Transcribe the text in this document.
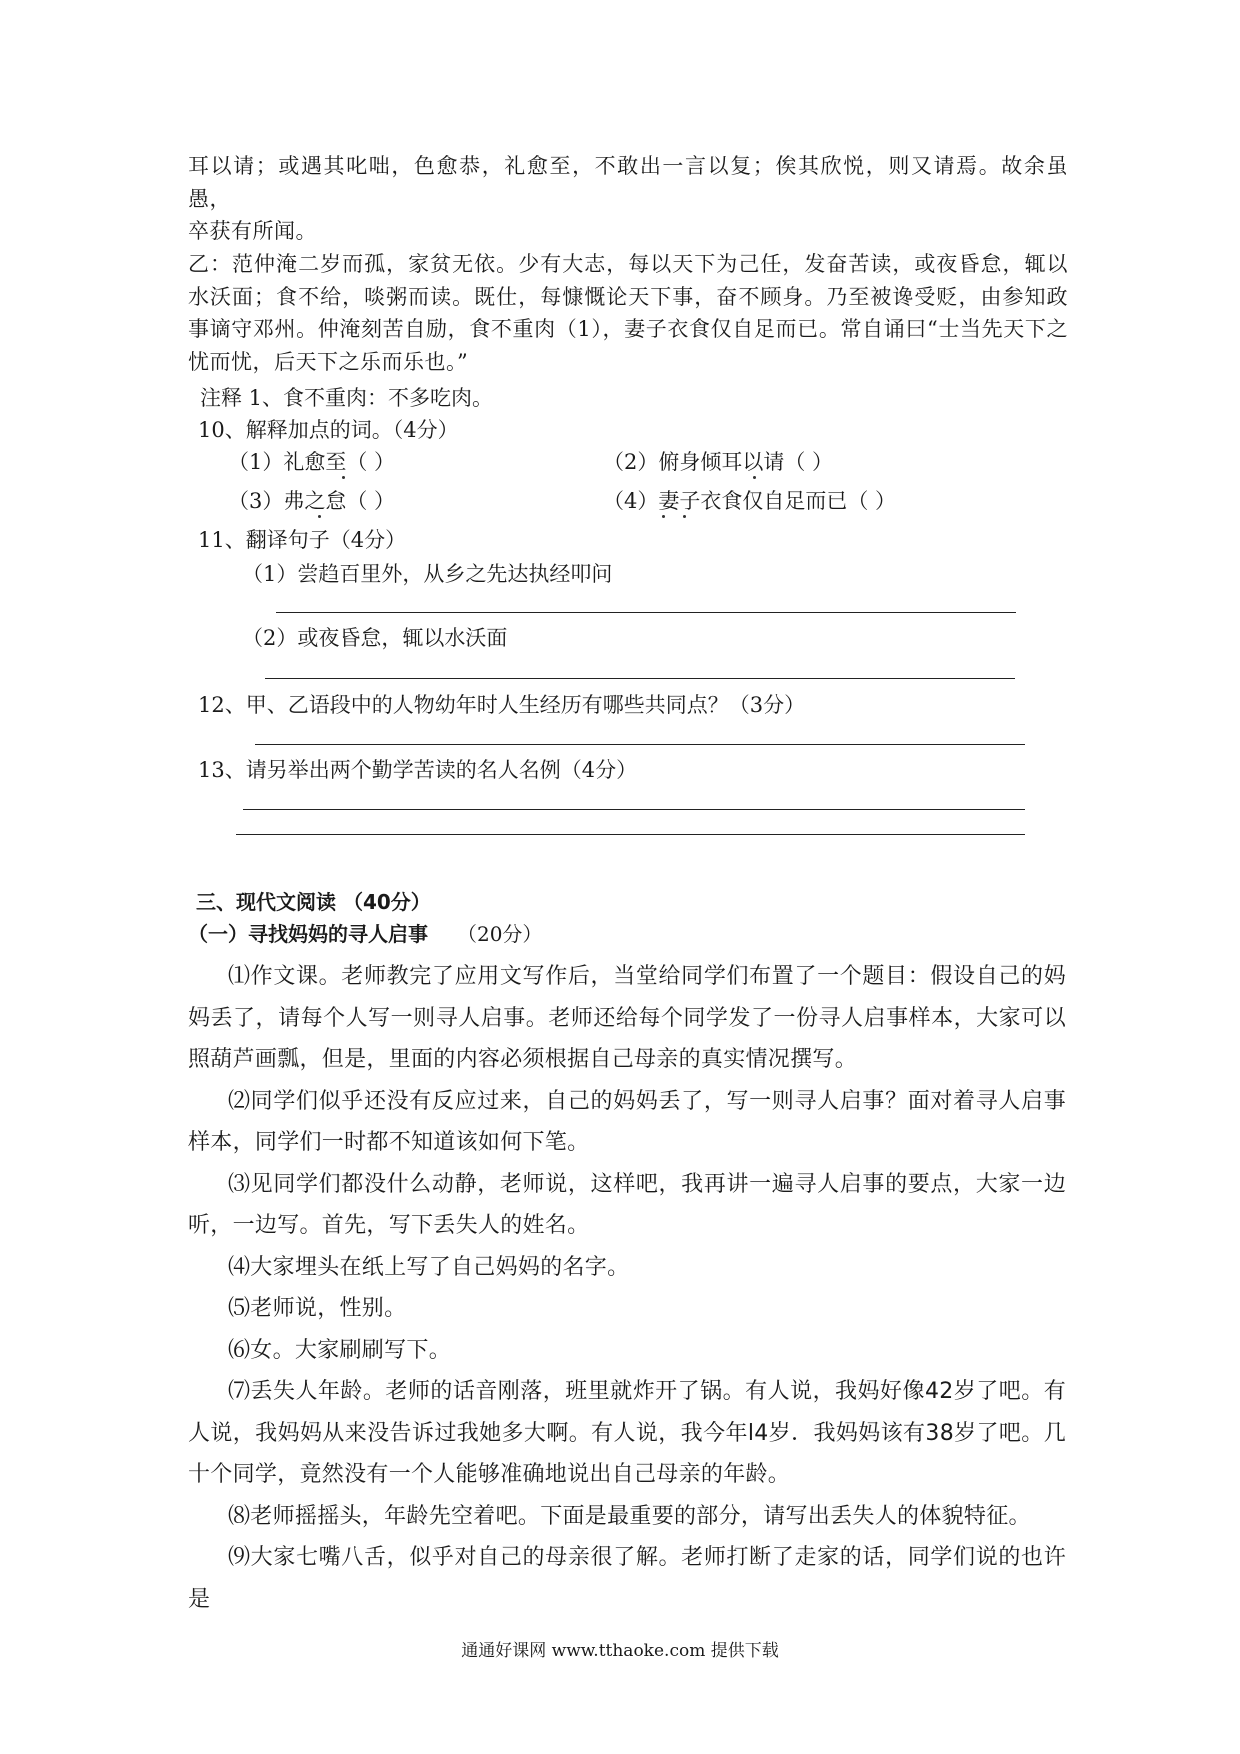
耳以请；或遇其叱咄，色愈恭，礼愈至，不敢出一言以复；俟其欣悦，则又请焉。故余虽愚，

卒获有所闻。

乙：范仲淹二岁而孤，家贫无依。少有大志，每以天下为己任，发奋苦读，或夜昏怠，辄以水沃面；食不给，啖粥而读。既仕，每慷慨论天下事，奋不顾身。乃至被谗受贬，由参知政事谪守邓州。仲淹刻苦自励，食不重肉（1），妻子衣食仅自足而已。常自诵曰“士当先天下之忧而忧，后天下之乐而乐也。”

注释 1、食不重肉：不多吃肉。
10、解释加点的词。（4分）
（1）礼愈至（ ）	（2）俯身倾耳以请（ ）
（3）弗之怠（ ）	（4）妻子衣食仅自足而已（ ）
11、翻译句子（4分）
（1）尝趋百里外，从乡之先达执经叩问
（2）或夜昏怠，辄以水沃面
12、甲、乙语段中的人物幼年时人生经历有哪些共同点？（3分）
13、请另举出两个勤学苦读的名人名例（4分）
三、现代文阅读 （40分）
（一）寻找妈妈的寻人启事 （20分）

⑴作文课。老师教完了应用文写作后，当堂给同学们布置了一个题目：假设自己的妈妈丢了，请每个人写一则寻人启事。老师还给每个同学发了一份寻人启事样本，大家可以照葫芦画瓢，但是，里面的内容必须根据自己母亲的真实情况撰写。

⑵同学们似乎还没有反应过来，自己的妈妈丢了，写一则寻人启事？面对着寻人启事样本，同学们一时都不知道该如何下笔。

⑶见同学们都没什么动静，老师说，这样吧，我再讲一遍寻人启事的要点，大家一边听，一边写。首先，写下丢失人的姓名。

⑷大家埋头在纸上写了自己妈妈的名字。

⑸老师说，性别。

⑹女。大家刷刷写下。

⑺丢失人年龄。老师的话音刚落，班里就炸开了锅。有人说，我妈好像42岁了吧。有人说，我妈妈从来没告诉过我她多大啊。有人说，我今年l4岁．我妈妈该有38岁了吧。几十个同学，竟然没有一个人能够准确地说出自己母亲的年龄。

⑻老师摇摇头，年龄先空着吧。下面是最重要的部分，请写出丢失人的体貌特征。

⑼大家七嘴八舌，似乎对自己的母亲很了解。老师打断了走家的话，同学们说的也许是

通通好课网 www.tthaoke.com 提供下载
